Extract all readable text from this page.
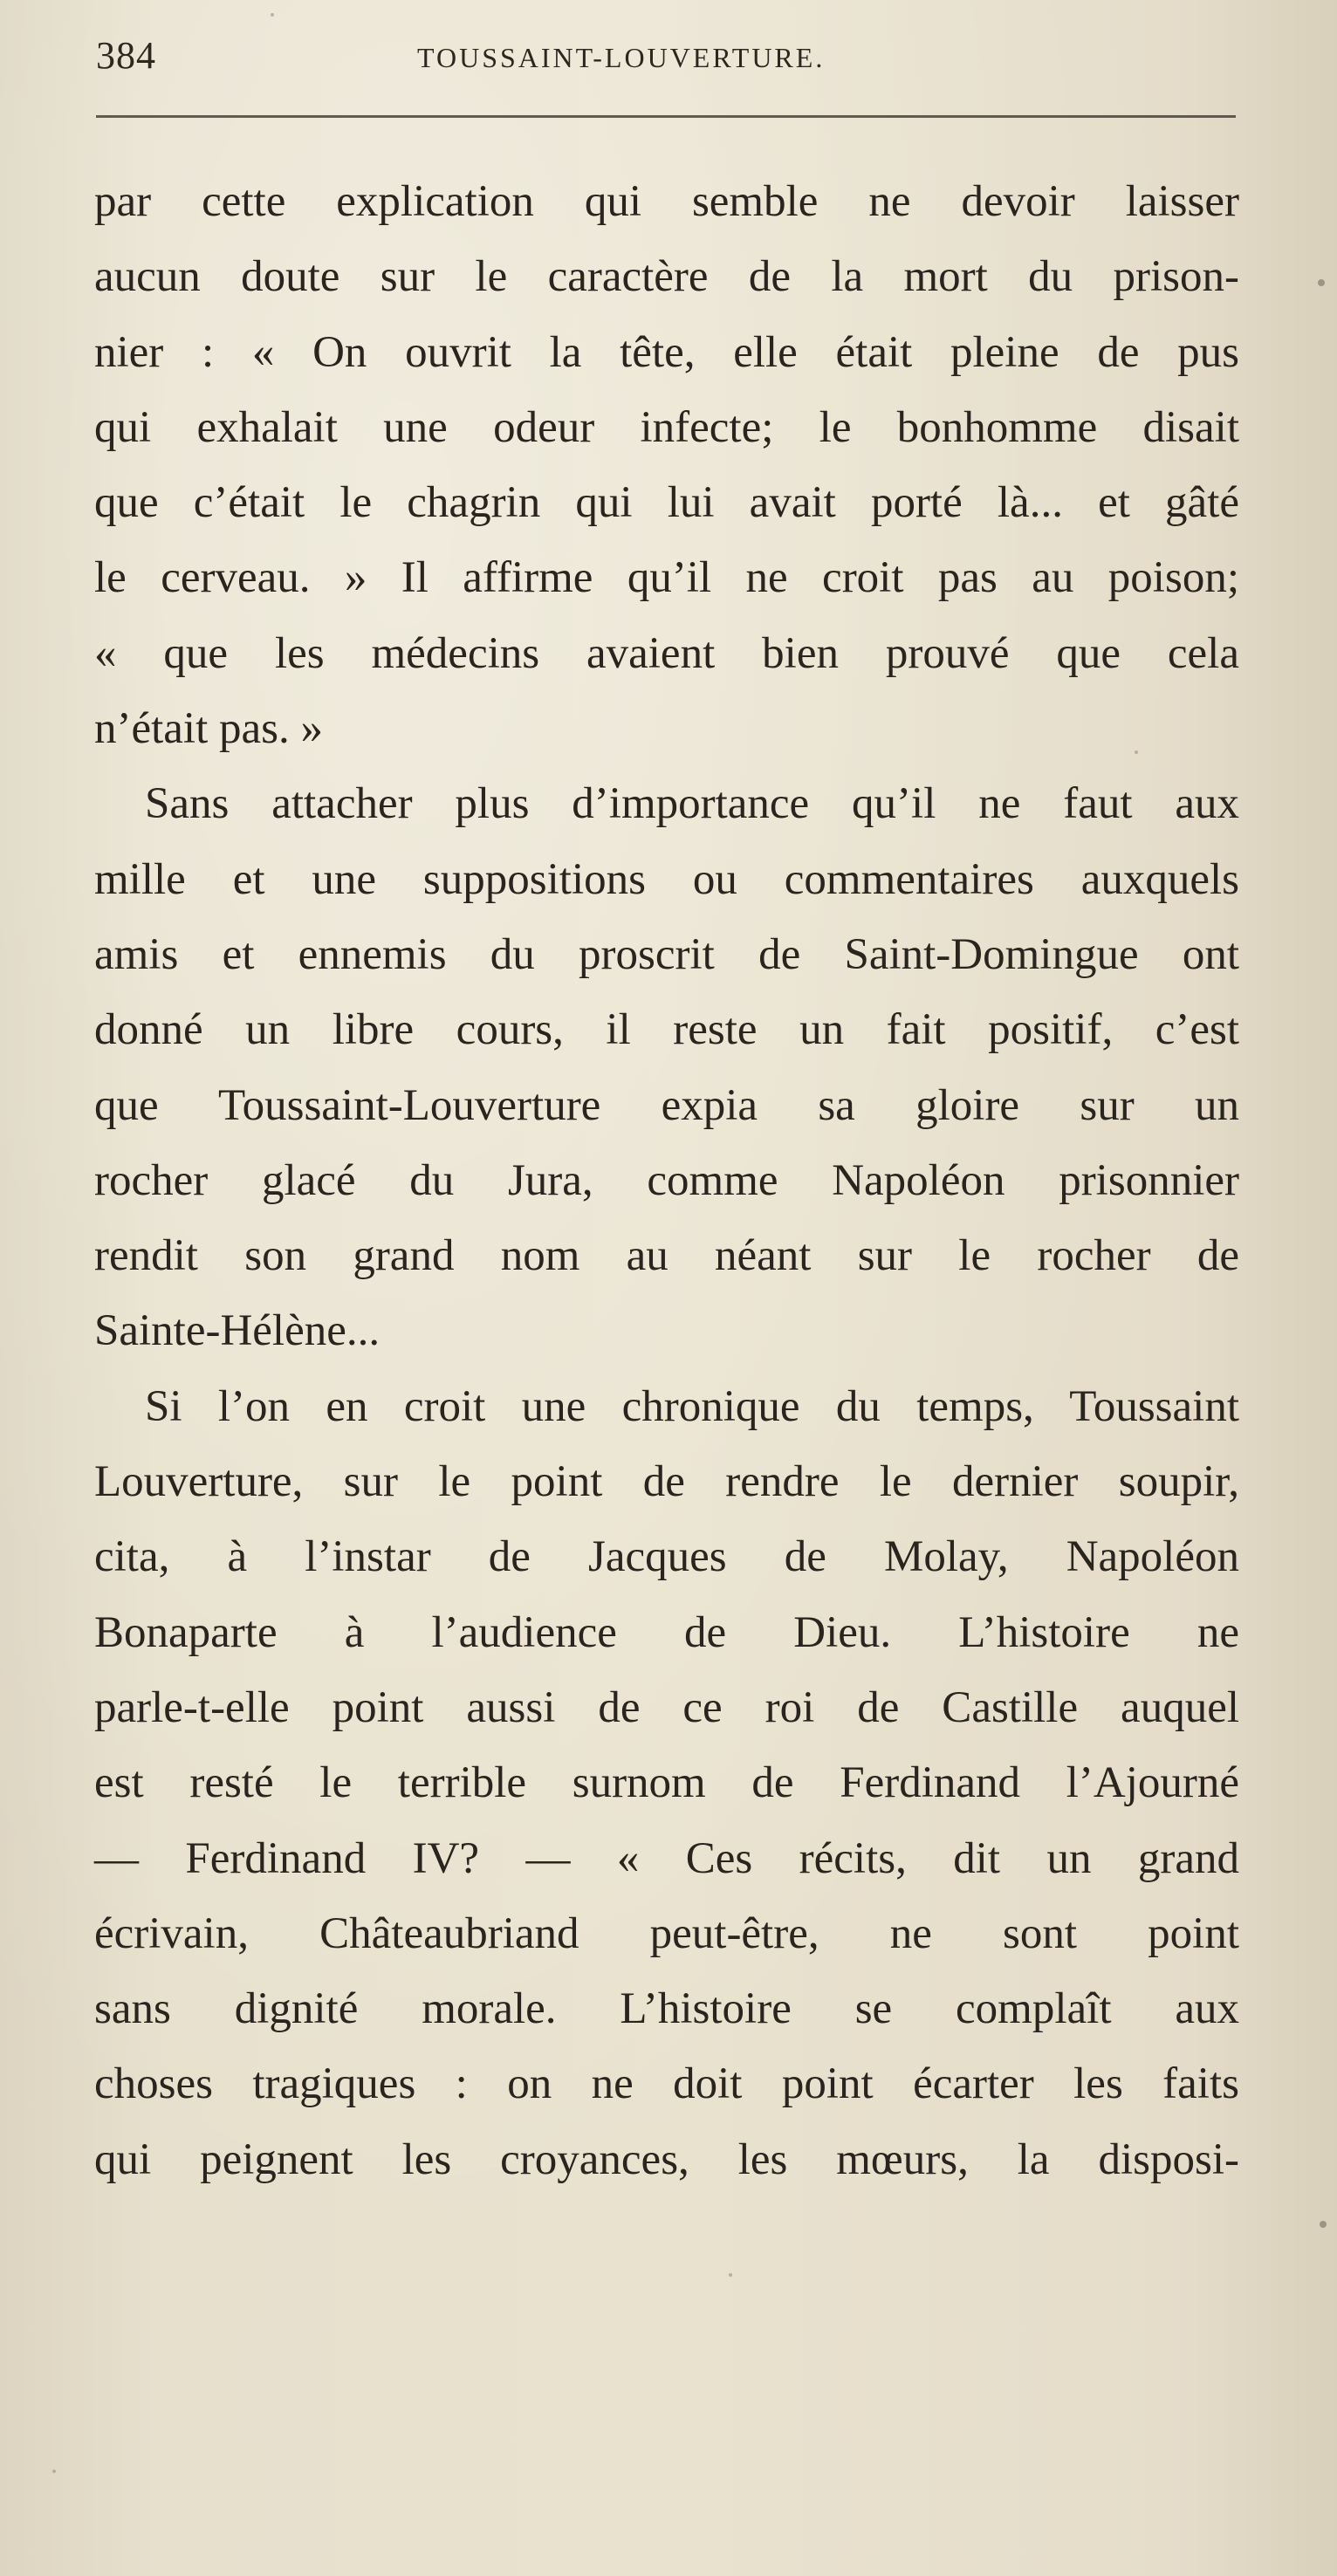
384	TOUSSAINT-LOUVERTURE.
par cette explication qui semble ne devoir laisser
aucun doute sur le caractère de la mort du prison-
nier : « On ouvrit la tête, elle était pleine de pus
qui exhalait une odeur infecte; le bonhomme disait
que c’était le chagrin qui lui avait porté là... et gâté
le cerveau. » Il affirme qu’il ne croit pas au poison;
« que les médecins avaient bien prouvé que cela
n’était pas. »
Sans attacher plus d’importance qu’il ne faut aux
mille et une suppositions ou commentaires auxquels
amis et ennemis du proscrit de Saint-Domingue ont
donné un libre cours, il reste un fait positif, c’est
que Toussaint-Louverture expia sa gloire sur un
rocher glacé du Jura, comme Napoléon prisonnier
rendit son grand nom au néant sur le rocher de
Sainte-Hélène...
Si l’on en croit une chronique du temps, Toussaint
Louverture, sur le point de rendre le dernier soupir,
cita, à l’instar de Jacques de Molay, Napoléon
Bonaparte à l’audience de Dieu. L’histoire ne
parle-t-elle point aussi de ce roi de Castille auquel
est resté le terrible surnom de Ferdinand l’Ajourné
— Ferdinand IV? — « Ces récits, dit un grand
écrivain, Châteaubriand peut-être, ne sont point
sans dignité morale. L’histoire se complaît aux
choses tragiques : on ne doit point écarter les faits
qui peignent les croyances, les mœurs, la disposi-
